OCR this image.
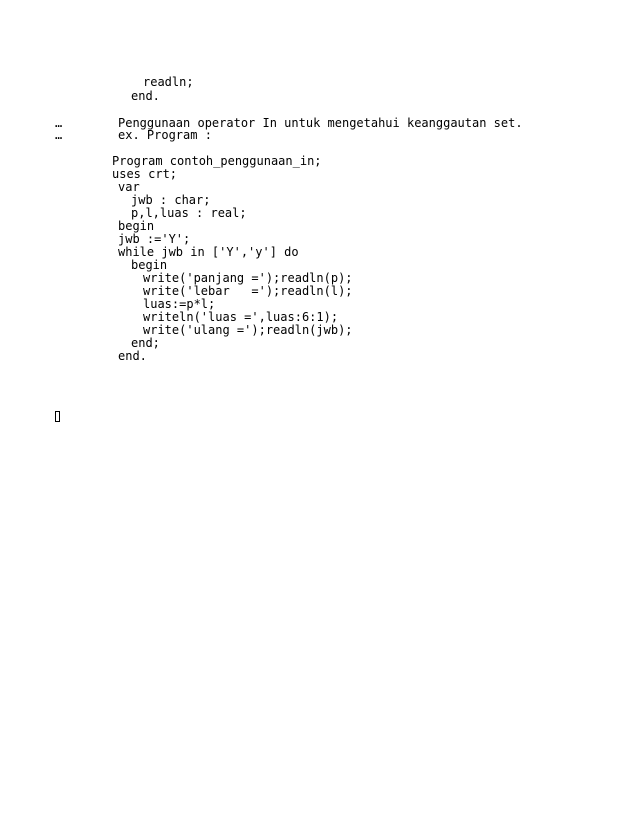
readln;
end.
…	Penggunaan operator In untuk mengetahui keanggautan set.
…	ex. Program :
Program contoh_penggunaan_in;
uses crt;
var
jwb : char;
p,l,luas : real;
begin
jwb :='Y';
while jwb in ['Y','y'] do
begin
write('panjang =');readln(p);
write('lebar   =');readln(l);
luas:=p*l;
writeln('luas =',luas:6:1);
write('ulang =');readln(jwb);
end;
end.
